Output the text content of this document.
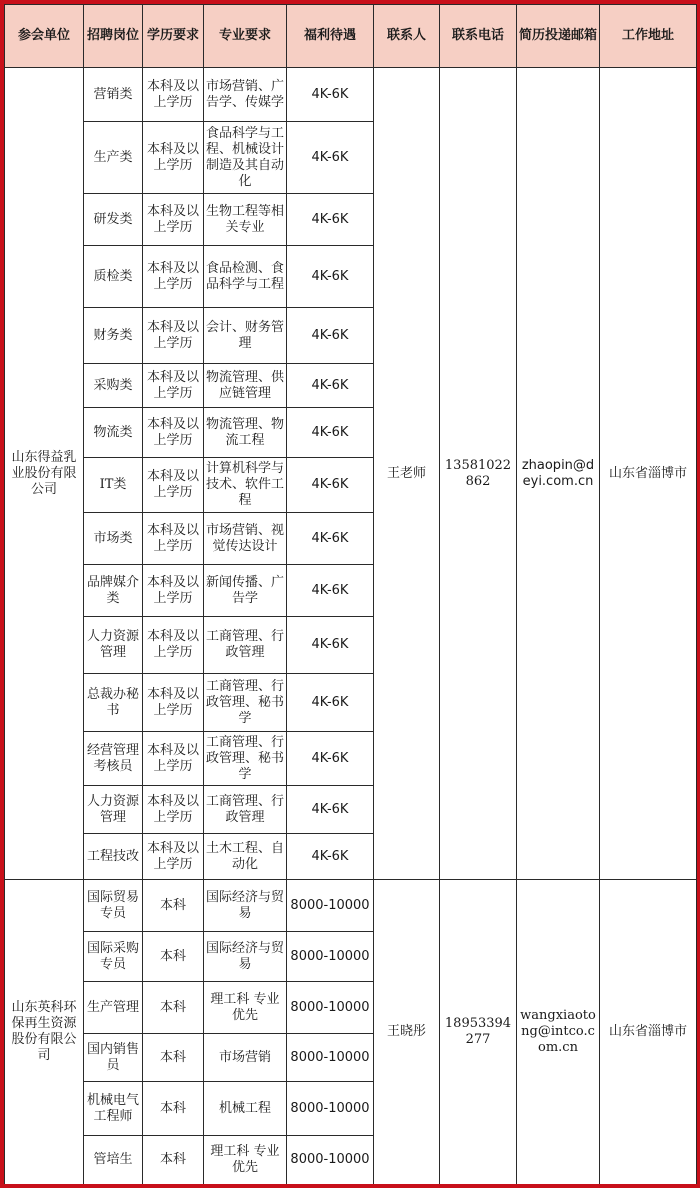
参会单位	招聘岗位	学历要求	专业要求	福利待遇	联系人	联系电话	简历投递邮箱	工作地址
山东得益乳业股份有限公司	营销类	本科及以上学历	市场营销、广告学、传媒学	4K-6K	王老师	13581022862	zhaopin@deyi.com.cn	山东省淄博市
	生产类	本科及以上学历	食品科学与工程、机械设计制造及其自动化	4K-6K				
	研发类	本科及以上学历	生物工程等相关专业	4K-6K				
	质检类	本科及以上学历	食品检测、食品科学与工程	4K-6K				
	财务类	本科及以上学历	会计、财务管理	4K-6K				
	采购类	本科及以上学历	物流管理、供应链管理	4K-6K				
	物流类	本科及以上学历	物流管理、物流工程	4K-6K				
	IT类	本科及以上学历	计算机科学与技术、软件工程	4K-6K				
	市场类	本科及以上学历	市场营销、视觉传达设计	4K-6K				
	品牌媒介类	本科及以上学历	新闻传播、广告学	4K-6K				
	人力资源管理	本科及以上学历	工商管理、行政管理	4K-6K				
	总裁办秘书	本科及以上学历	工商管理、行政管理、秘书学	4K-6K				
	经营管理考核员	本科及以上学历	工商管理、行政管理、秘书学	4K-6K				
	人力资源管理	本科及以上学历	工商管理、行政管理	4K-6K				
	工程技改	本科及以上学历	土木工程、自动化	4K-6K				
山东英科环保再生资源股份有限公司	国际贸易专员	本科	国际经济与贸易	8000-10000	王晓彤	18953394277	wangxiaotong@intco.com.cn	山东省淄博市
	国际采购专员	本科	国际经济与贸易	8000-10000				
	生产管理	本科	理工科 专业优先	8000-10000				
	国内销售员	本科	市场营销	8000-10000				
	机械电气工程师	本科	机械工程	8000-10000				
	管培生	本科	理工科 专业优先	8000-10000				
